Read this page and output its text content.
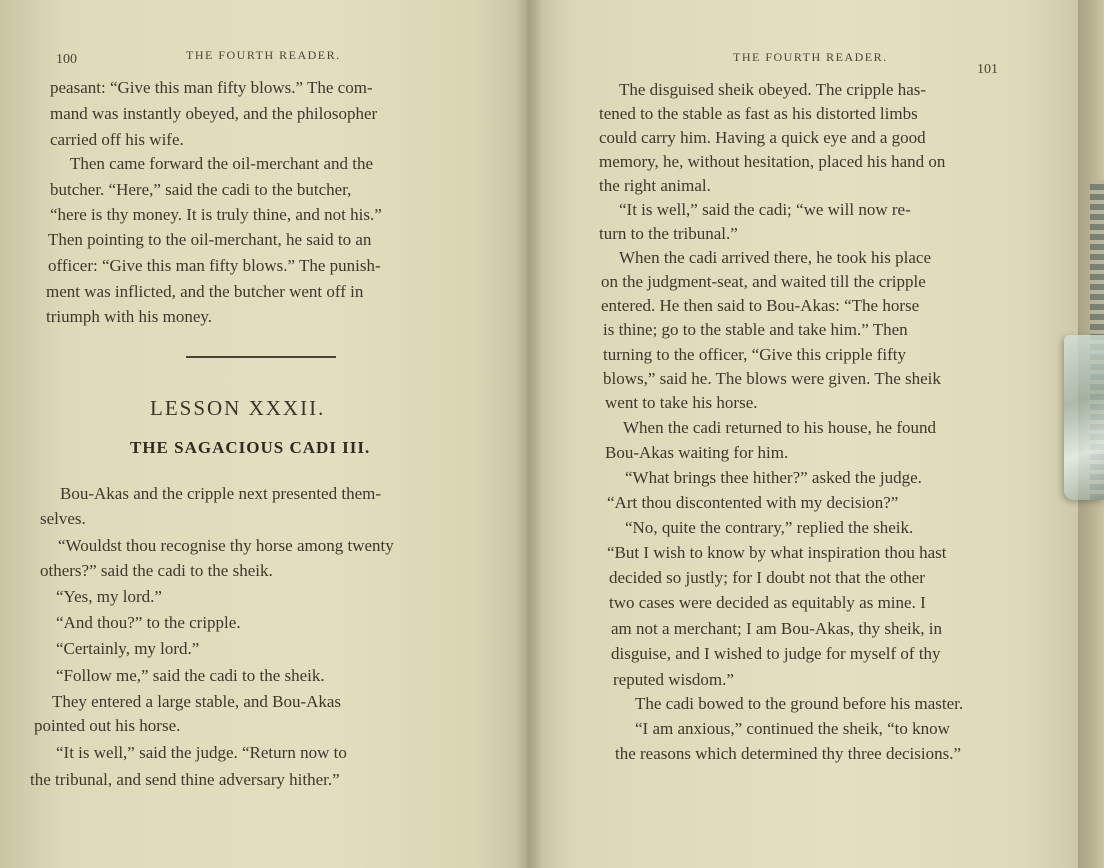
100	THE FOURTH READER.
peasant: “Give this man fifty blows.” The com-
mand was instantly obeyed, and the philosopher
carried off his wife.
Then came forward the oil-merchant and the
butcher. “Here,” said the cadi to the butcher,
“here is thy money. It is truly thine, and not his.”
Then pointing to the oil-merchant, he said to an
officer: “Give this man fifty blows.” The punish-
ment was inflicted, and the butcher went off in
triumph with his money.
LESSON XXXII.
THE SAGACIOUS CADI III.
Bou-Akas and the cripple next presented them-
selves.
“Wouldst thou recognise thy horse among twenty
others?” said the cadi to the sheik.
“Yes, my lord.”
“And thou?” to the cripple.
“Certainly, my lord.”
“Follow me,” said the cadi to the sheik.
They entered a large stable, and Bou-Akas
pointed out his horse.
“It is well,” said the judge. “Return now to
the tribunal, and send thine adversary hither.”
THE FOURTH READER.
101
The disguised sheik obeyed. The cripple has-
tened to the stable as fast as his distorted limbs
could carry him. Having a quick eye and a good
memory, he, without hesitation, placed his hand on
the right animal.
“It is well,” said the cadi; “we will now re-
turn to the tribunal.”
When the cadi arrived there, he took his place
on the judgment-seat, and waited till the cripple
entered. He then said to Bou-Akas: “The horse
is thine; go to the stable and take him.” Then
turning to the officer, “Give this cripple fifty
blows,” said he. The blows were given. The sheik
went to take his horse.
When the cadi returned to his house, he found
Bou-Akas waiting for him.
“What brings thee hither?” asked the judge.
“Art thou discontented with my decision?”
“No, quite the contrary,” replied the sheik.
“But I wish to know by what inspiration thou hast
decided so justly; for I doubt not that the other
two cases were decided as equitably as mine. I
am not a merchant; I am Bou-Akas, thy sheik, in
disguise, and I wished to judge for myself of thy
reputed wisdom.”
The cadi bowed to the ground before his master.
“I am anxious,” continued the sheik, “to know
the reasons which determined thy three decisions.”
